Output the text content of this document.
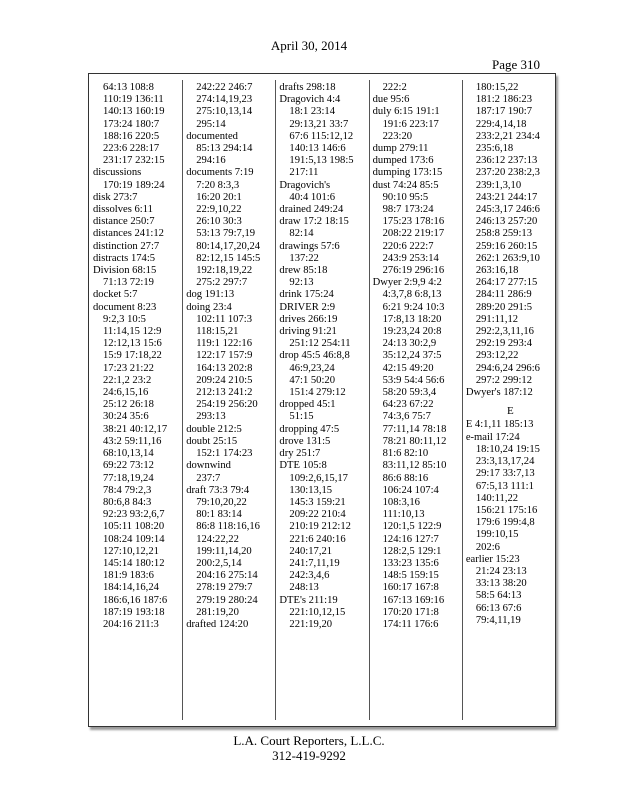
April 30, 2014
Page 310
64:13 108:8
110:19 136:11
140:13 160:19
173:24 180:7
188:16 220:5
223:6 228:17
231:17 232:15
discussions
170:19 189:24
disk 273:7
dissolves 6:11
distance 250:7
distances 241:12
distinction 27:7
distracts 174:5
Division 68:15
71:13 72:19
docket 5:7
document 8:23
9:2,3 10:5
11:14,15 12:9
12:12,13 15:6
15:9 17:18,22
17:23 21:22
22:1,2 23:2
24:6,15,16
25:12 26:18
30:24 35:6
38:21 40:12,17
43:2 59:11,16
68:10,13,14
69:22 73:12
77:18,19,24
78:4 79:2,3
80:6,8 84:3
92:23 93:2,6,7
105:11 108:20
108:24 109:14
127:10,12,21
145:14 180:12
181:9 183:6
184:14,16,24
186:6,16 187:6
187:19 193:18
204:16 211:3
242:22 246:7
274:14,19,23
275:10,13,14
295:14
documented
85:13 294:14
294:16
documents 7:19
7:20 8:3,3
16:20 20:1
22:9,10,22
26:10 30:3
53:13 79:7,19
80:14,17,20,24
82:12,15 145:5
192:18,19,22
275:2 297:7
dog 191:13
doing 23:4
102:11 107:3
118:15,21
119:1 122:16
122:17 157:9
164:13 202:8
209:24 210:5
212:13 241:2
254:19 256:20
293:13
double 212:5
doubt 25:15
152:1 174:23
downwind
237:7
draft 73:3 79:4
79:10,20,22
80:1 83:14
86:8 118:16,16
124:22,22
199:11,14,20
200:2,5,14
204:16 275:14
278:19 279:7
279:19 280:24
281:19,20
drafted 124:20
drafts 298:18
Dragovich 4:4
18:1 23:14
29:13,21 33:7
67:6 115:12,12
140:13 146:6
191:5,13 198:5
217:11
Dragovich's
40:4 101:6
drained 249:24
draw 17:2 18:15
82:14
drawings 57:6
137:22
drew 85:18
92:13
drink 175:24
DRIVER 2:9
drives 266:19
driving 91:21
251:12 254:11
drop 45:5 46:8,8
46:9,23,24
47:1 50:20
151:4 279:12
dropped 45:1
51:15
dropping 47:5
drove 131:5
dry 251:7
DTE 105:8
109:2,6,15,17
130:13,15
145:3 159:21
209:22 210:4
210:19 212:12
221:6 240:16
240:17,21
241:7,11,19
242:3,4,6
248:13
DTE's 211:19
221:10,12,15
221:19,20
222:2
due 95:6
duly 6:15 191:1
191:6 223:17
223:20
dump 279:11
dumped 173:6
dumping 173:15
dust 74:24 85:5
90:10 95:5
98:7 173:24
175:23 178:16
208:22 219:17
220:6 222:7
243:9 253:14
276:19 296:16
Dwyer 2:9,9 4:2
4:3,7,8 6:8,13
6:21 9:24 10:3
17:8,13 18:20
19:23,24 20:8
24:13 30:2,9
35:12,24 37:5
42:15 49:20
53:9 54:4 56:6
58:20 59:3,4
64:23 67:22
74:3,6 75:7
77:11,14 78:18
78:21 80:11,12
81:6 82:10
83:11,12 85:10
86:6 88:16
106:24 107:4
108:3,16
111:10,13
120:1,5 122:9
124:16 127:7
128:2,5 129:1
133:23 135:6
148:5 159:15
160:17 167:8
167:13 169:16
170:20 171:8
174:11 176:6
180:15,22
181:2 186:23
187:17 190:7
229:4,14,18
233:2,21 234:4
235:6,18
236:12 237:13
237:20 238:2,3
239:1,3,10
243:21 244:17
245:3,17 246:6
246:13 257:20
258:8 259:13
259:16 260:15
262:1 263:9,10
263:16,18
264:17 277:15
284:11 286:9
289:20 291:5
291:11,12
292:2,3,11,16
292:19 293:4
293:12,22
294:6,24 296:6
297:2 299:12
Dwyer's 187:12
E
E 4:1,11 185:13
e-mail 17:24
18:10,24 19:15
23:3,13,17,24
29:17 33:7,13
67:5,13 111:1
140:11,22
156:21 175:16
179:6 199:4,8
199:10,15
202:6
earlier 15:23
21:24 23:13
33:13 38:20
58:5 64:13
66:13 67:6
79:4,11,19
L.A. Court Reporters, L.L.C.
312-419-9292
